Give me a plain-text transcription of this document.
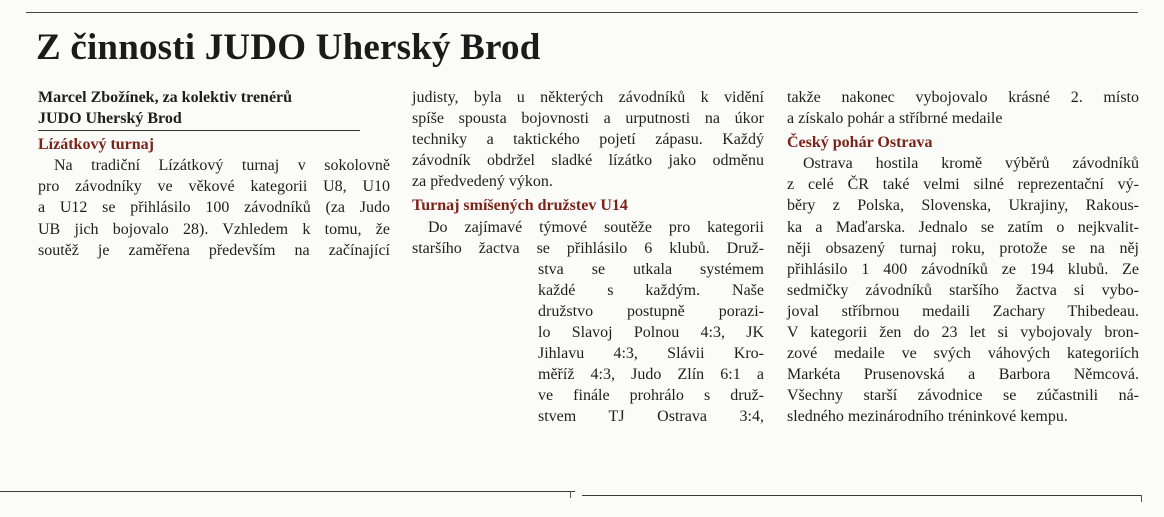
Z činnosti JUDO Uherský Brod
Marcel Zbožínek, za kolektiv trenérů
JUDO Uherský Brod
Lízátkový turnaj
Na tradiční Lízátkový turnaj v sokolovně
pro závodníky ve věkové kategorii U8, U10
a U12 se přihlásilo 100 závodníků (za Judo
UB jich bojovalo 28). Vzhledem k tomu, že
soutěž je zaměřena především na začínající
judisty, byla u některých závodníků k vidění
spíše spousta bojovnosti a urputnosti na úkor
techniky a taktického pojetí zápasu. Každý
závodník obdržel sladké lízátko jako odměnu
za předvedený výkon.
Turnaj smíšených družstev U14
Do zajímavé týmové soutěže pro kategorii
staršího žactva se přihlásilo 6 klubů. Druž-
stva se utkala systémem
každé s každým. Naše
družstvo postupně porazi-
lo Slavoj Polnou 4:3, JK
Jihlavu 4:3, Slávii Kro-
měříž 4:3, Judo Zlín 6:1 a
ve finále prohrálo s druž-
stvem TJ Ostrava 3:4,
takže nakonec vybojovalo krásné 2. místo
a získalo pohár a stříbrné medaile
Český pohár Ostrava
Ostrava hostila kromě výběrů závodníků
z celé ČR také velmi silné reprezentační vý-
běry z Polska, Slovenska, Ukrajiny, Rakous-
ka a Maďarska. Jednalo se zatím o nejkvalit-
něji obsazený turnaj roku, protože se na něj
přihlásilo 1 400 závodníků ze 194 klubů. Ze
sedmičky závodníků staršího žactva si vybo-
joval stříbrnou medaili Zachary Thibedeau.
V kategorii žen do 23 let si vybojovaly bron-
zové medaile ve svých váhových kategoriích
Markéta Prusenovská a Barbora Němcová.
Všechny starší závodnice se zúčastnili ná-
sledného mezinárodního tréninkové kempu.
